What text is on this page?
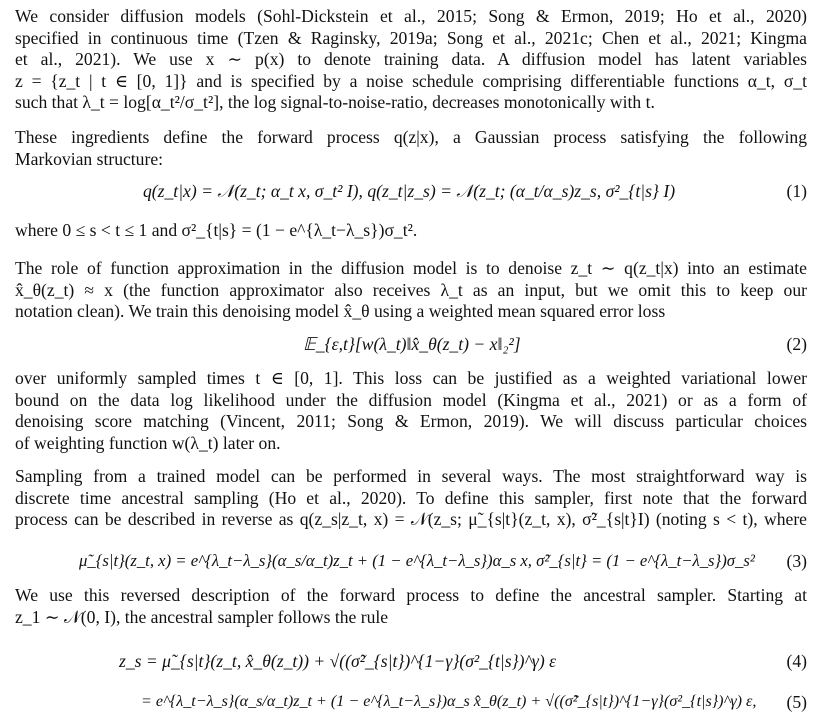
We consider diffusion models (Sohl-Dickstein et al., 2015; Song & Ermon, 2019; Ho et al., 2020)
specified in continuous time (Tzen & Raginsky, 2019a; Song et al., 2021c; Chen et al., 2021; Kingma
et al., 2021). We use x ∼ p(x) to denote training data. A diffusion model has latent variables
z = {z_t | t ∈ [0, 1]} and is specified by a noise schedule comprising differentiable functions α_t, σ_t
such that λ_t = log[α_t²/σ_t²], the log signal-to-noise-ratio, decreases monotonically with t.
These ingredients define the forward process q(z|x), a Gaussian process satisfying the following
Markovian structure:
q(z_t|x) = 𝒩(z_t; α_t x, σ_t² I), q(z_t|z_s) = 𝒩(z_t; (α_t/α_s)z_s, σ²_{t|s} I)	(1)
where 0 ≤ s < t ≤ 1 and σ²_{t|s} = (1 − e^{λ_t−λ_s})σ_t².
The role of function approximation in the diffusion model is to denoise z_t ∼ q(z_t|x) into an estimate
x̂_θ(z_t) ≈ x (the function approximator also receives λ_t as an input, but we omit this to keep our
notation clean). We train this denoising model x̂_θ using a weighted mean squared error loss
𝔼_{ε,t}[w(λ_t)‖x̂_θ(z_t) − x‖₂²]	(2)
over uniformly sampled times t ∈ [0, 1]. This loss can be justified as a weighted variational lower
bound on the data log likelihood under the diffusion model (Kingma et al., 2021) or as a form of
denoising score matching (Vincent, 2011; Song & Ermon, 2019). We will discuss particular choices
of weighting function w(λ_t) later on.
Sampling from a trained model can be performed in several ways. The most straightforward way is
discrete time ancestral sampling (Ho et al., 2020). To define this sampler, first note that the forward
process can be described in reverse as q(z_s|z_t, x) = 𝒩(z_s; μ̃_{s|t}(z_t, x), σ̃²_{s|t}I) (noting s < t), where
μ̃_{s|t}(z_t, x) = e^{λ_t−λ_s}(α_s/α_t)z_t + (1 − e^{λ_t−λ_s})α_s x, σ̃²_{s|t} = (1 − e^{λ_t−λ_s})σ_s² (3)
We use this reversed description of the forward process to define the ancestral sampler. Starting at
z_1 ∼ 𝒩(0, I), the ancestral sampler follows the rule
z_s = μ̃_{s|t}(z_t, x̂_θ(z_t)) + √((σ̃²_{s|t})^{1−γ}(σ²_{t|s})^γ) ε	(4)
= e^{λ_t−λ_s}(α_s/α_t)z_t + (1 − e^{λ_t−λ_s})α_s x̂_θ(z_t) + √((σ̃²_{s|t})^{1−γ}(σ²_{t|s})^γ) ε, (5)
